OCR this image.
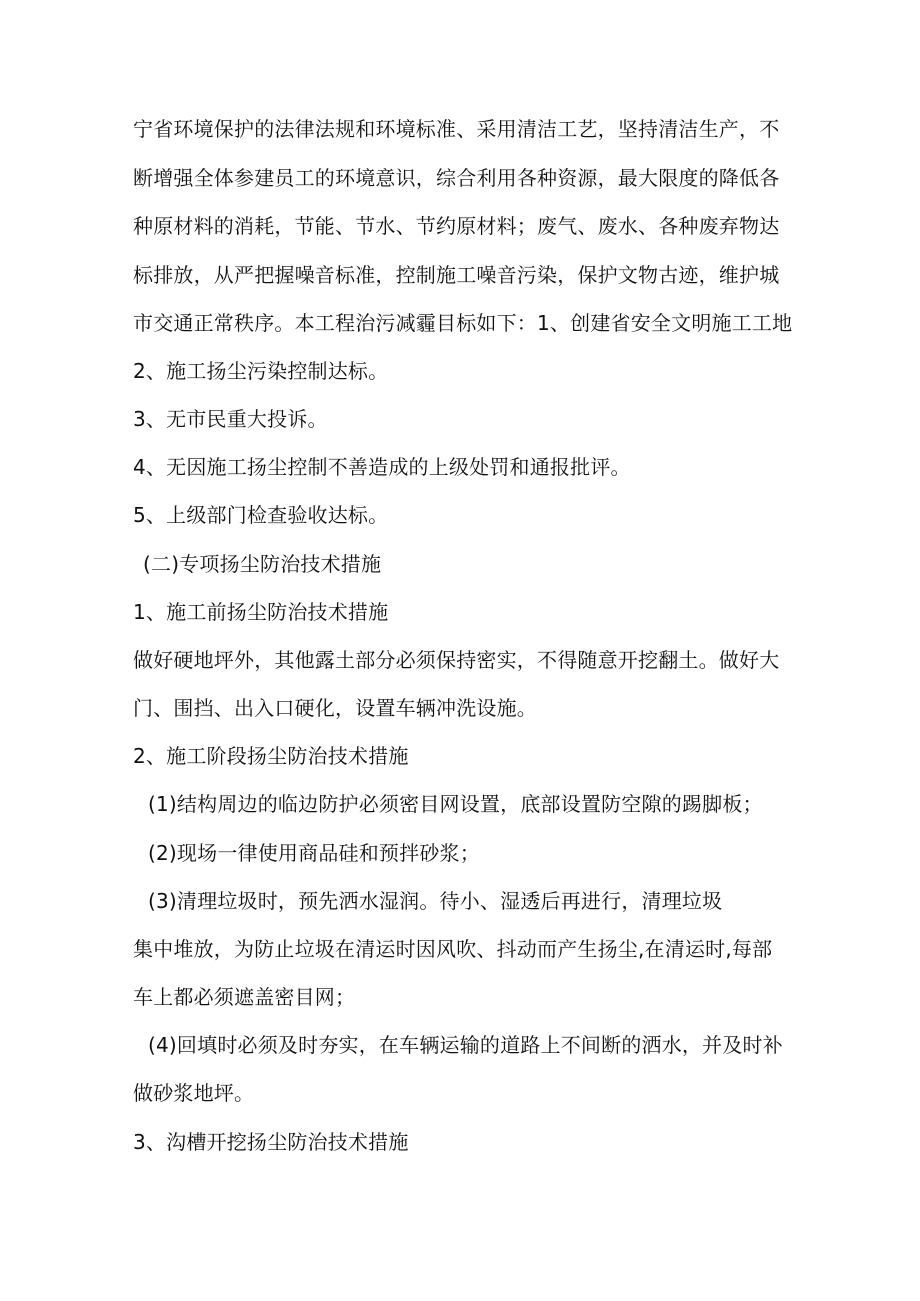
宁省环境保护的法律法规和环境标准、采用清洁工艺，坚持清洁生产，不
断增强全体参建员工的环境意识，综合利用各种资源，最大限度的降低各
种原材料的消耗，节能、节水、节约原材料；废气、废水、各种废弃物达
标排放，从严把握噪音标准，控制施工噪音污染，保护文物古迹，维护城
市交通正常秩序。本工程治污减霾目标如下：1、创建省安全文明施工工地
2、施工扬尘污染控制达标。
3、无市民重大投诉。
4、无因施工扬尘控制不善造成的上级处罚和通报批评。
5、上级部门检查验收达标。
(二)专项扬尘防治技术措施
1、施工前扬尘防治技术措施
做好硬地坪外，其他露土部分必须保持密实，不得随意开挖翻土。做好大
门、围挡、出入口硬化，设置车辆冲洗设施。
2、施工阶段扬尘防治技术措施
(1)结构周边的临边防护必须密目网设置，底部设置防空隙的踢脚板；
(2)现场一律使用商品硅和预拌砂浆；
(3)清理垃圾时，预先洒水湿润。待小、湿透后再进行，清理垃圾
集中堆放，为防止垃圾在清运时因风吹、抖动而产生扬尘,在清运时,每部
车上都必须遮盖密目网；
(4)回填时必须及时夯实，在车辆运输的道路上不间断的洒水，并及时补
做砂浆地坪。
3、沟槽开挖扬尘防治技术措施
